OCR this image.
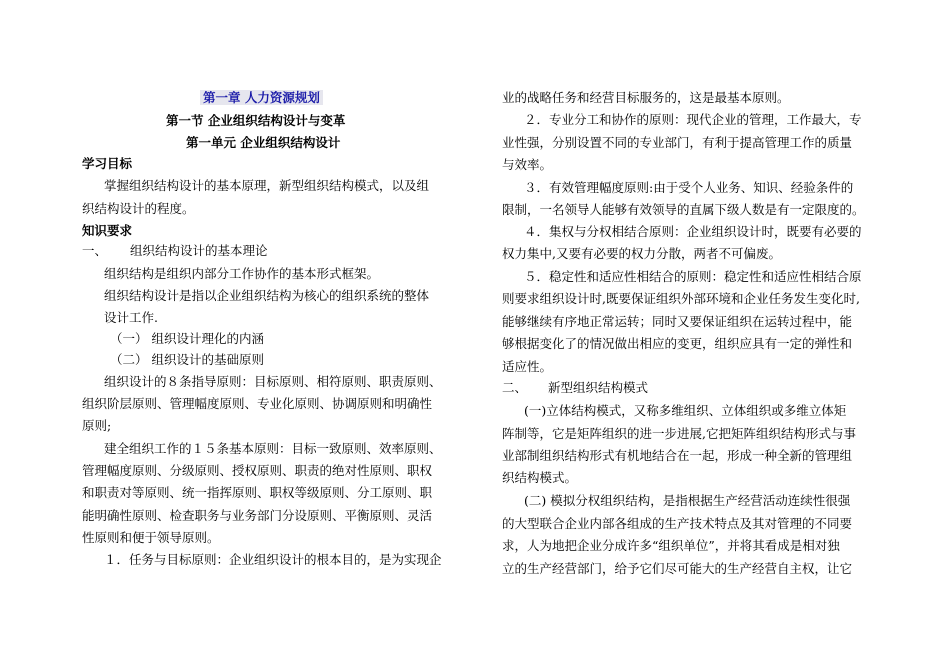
第一章 人力资源规划
第一节 企业组织结构设计与变革
第一单元 企业组织结构设计
学习目标
掌握组织结构设计的基本原理，新型组织结构模式，以及组
织结构设计的程度。
知识要求
一、 组织结构设计的基本理论
组织结构是组织内部分工作协作的基本形式框架。
组织结构设计是指以企业组织结构为核心的组织系统的整体
设计工作.
（一） 组织设计理化的内涵
（二） 组织设计的基础原则
组织设计的８条指导原则：目标原则、相符原则、职责原则、
组织阶层原则、管理幅度原则、专业化原则、协调原则和明确性
原则;
建全组织工作的１５条基本原则：目标一致原则、效率原则、
管理幅度原则、分级原则、授权原则、职责的绝对性原则、职权
和职责对等原则、统一指挥原则、职权等级原则、分工原则、职
能明确性原则、检查职务与业务部门分设原则、平衡原则、灵活
性原则和便于领导原则。
１．任务与目标原则：企业组织设计的根本目的，是为实现企
业的战略任务和经营目标服务的，这是最基本原则。
２．专业分工和协作的原则：现代企业的管理，工作最大，专
业性强，分别设置不同的专业部门，有利于提高管理工作的质量
与效率。
３．有效管理幅度原则:由于受个人业务、知识、经验条件的
限制，一名领导人能够有效领导的直属下级人数是有一定限度的。
４．集权与分权相结合原则：企业组织设计时，既要有必要的
权力集中,又要有必要的权力分散，两者不可偏废。
５．稳定性和适应性相结合的原则：稳定性和适应性相结合原
则要求组织设计时,既要保证组织外部环境和企业任务发生变化时,
能够继续有序地正常运转；同时又要保证组织在运转过程中，能
够根据变化了的情况做出相应的变更，组织应具有一定的弹性和
适应性。
二、 新型组织结构模式
(一)立体结构模式，又称多维组织、立体组织或多维立体矩
阵制等，它是矩阵组织的进一步进展,它把矩阵组织结构形式与事
业部制组织结构形式有机地结合在一起，形成一种全新的管理组
织结构模式。
(二) 模拟分权组织结构，是指根据生产经营活动连续性很强
的大型联合企业内部各组成的生产技术特点及其对管理的不同要
求，人为地把企业分成许多“组织单位”，并将其看成是相对独
立的生产经营部门，给予它们尽可能大的生产经营自主权，让它
